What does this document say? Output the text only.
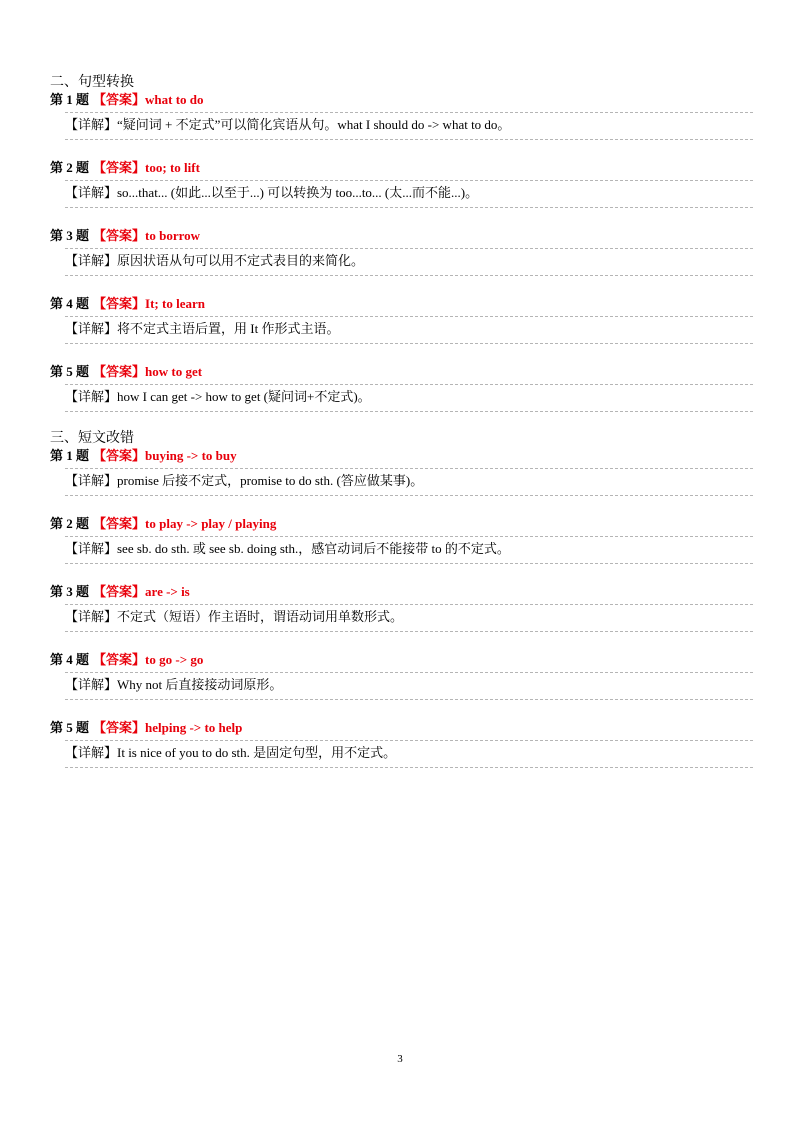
二、句型转换
第 1 题 【答案】what to do
【详解】“疑问词 + 不定式”可以简化宾语从句。what I should do -> what to do。
第 2 题 【答案】too; to lift
【详解】so...that... (如此...以至于...) 可以转换为 too...to... (太...而不能...)。
第 3 题 【答案】to borrow
【详解】原因状语从句可以用不定式表目的来简化。
第 4 题 【答案】It; to learn
【详解】将不定式主语后置，用 It 作形式主语。
第 5 题 【答案】how to get
【详解】how I can get -> how to get (疑问词+不定式)。
三、短文改错
第 1 题 【答案】buying -> to buy
【详解】promise 后接不定式，promise to do sth. (答应做某事)。
第 2 题 【答案】to play -> play / playing
【详解】see sb. do sth. 或 see sb. doing sth.，感官动词后不能接带 to 的不定式。
第 3 题 【答案】are -> is
【详解】不定式（短语）作主语时，谓语动词用单数形式。
第 4 题 【答案】to go -> go
【详解】Why not 后直接接动词原形。
第 5 题 【答案】helping -> to help
【详解】It is nice of you to do sth. 是固定句型，用不定式。
3
